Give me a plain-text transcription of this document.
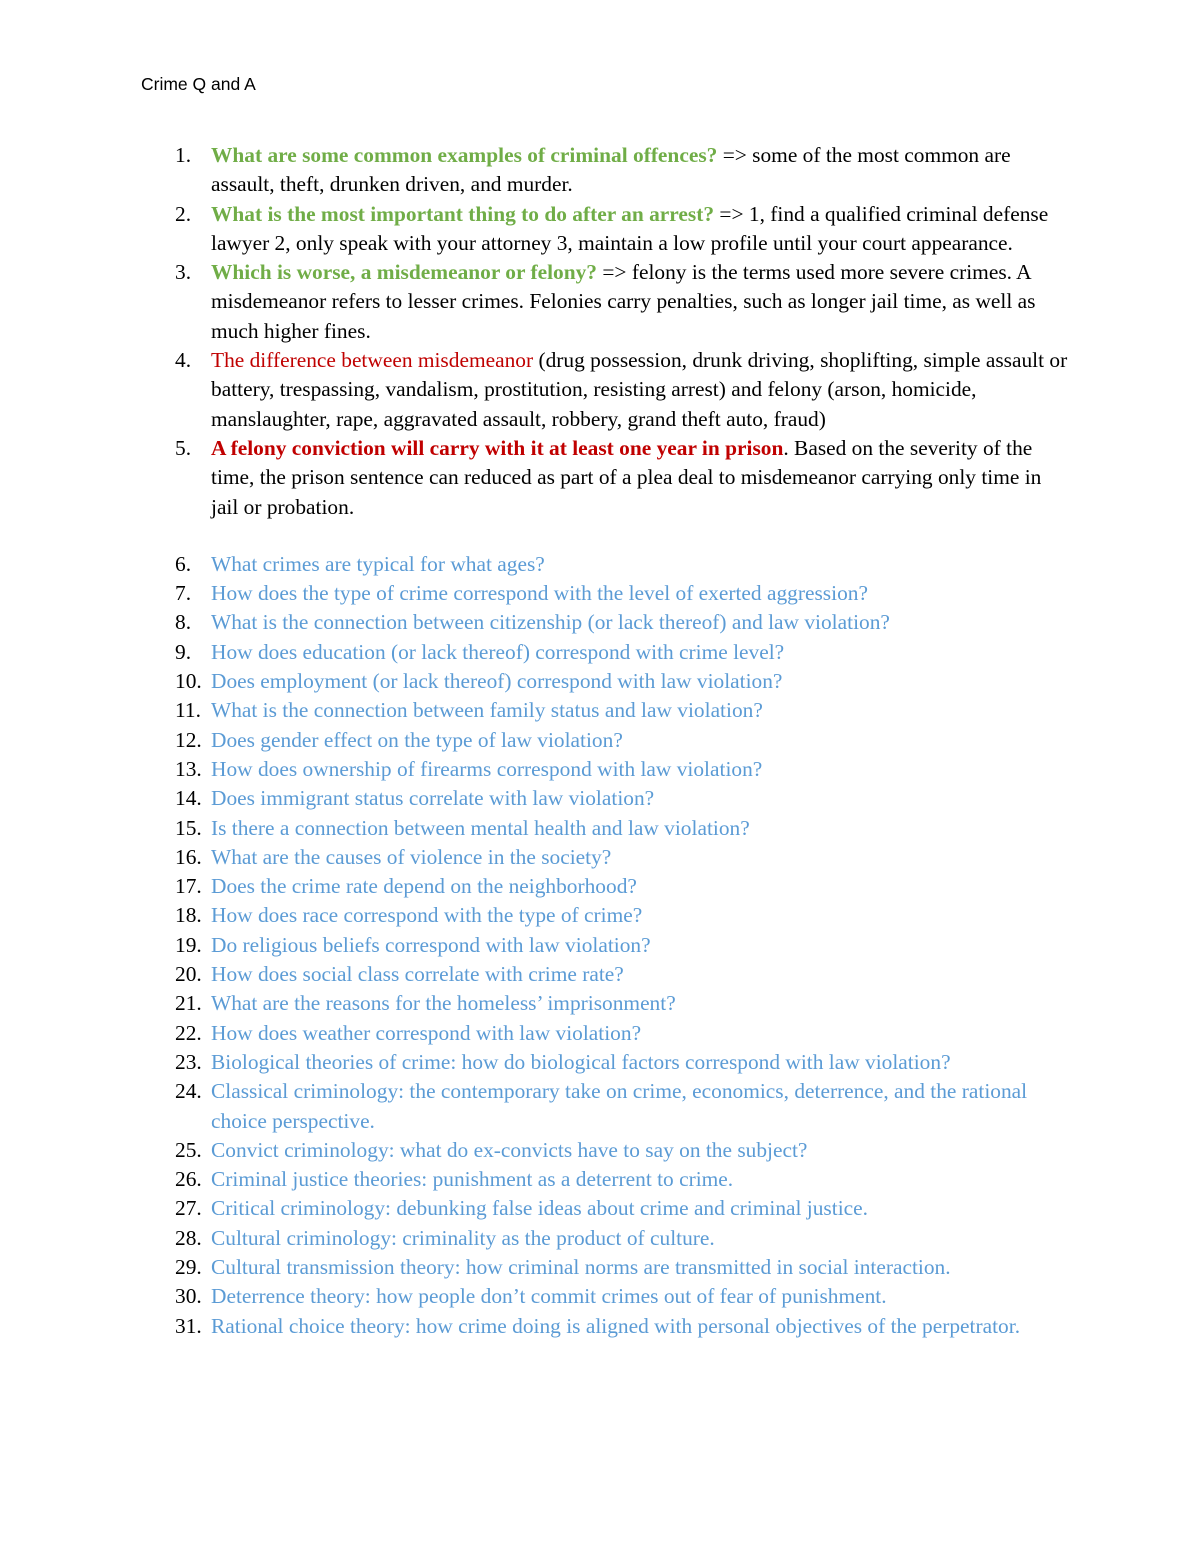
Crime Q and A

1. What are some common examples of criminal offences? => some of the most common are assault, theft, drunken driven, and murder.
2. What is the most important thing to do after an arrest? => 1, find a qualified criminal defense lawyer 2, only speak with your attorney 3, maintain a low profile until your court appearance.
3. Which is worse, a misdemeanor or felony? => felony is the terms used more severe crimes. A misdemeanor refers to lesser crimes. Felonies carry penalties, such as longer jail time, as well as much higher fines.
4. The difference between misdemeanor (drug possession, drunk driving, shoplifting, simple assault or battery, trespassing, vandalism, prostitution, resisting arrest) and felony (arson, homicide, manslaughter, rape, aggravated assault, robbery, grand theft auto, fraud)
5. A felony conviction will carry with it at least one year in prison. Based on the severity of the time, the prison sentence can reduced as part of a plea deal to misdemeanor carrying only time in jail or probation.
6. What crimes are typical for what ages?
7. How does the type of crime correspond with the level of exerted aggression?
8. What is the connection between citizenship (or lack thereof) and law violation?
9. How does education (or lack thereof) correspond with crime level?
10. Does employment (or lack thereof) correspond with law violation?
11. What is the connection between family status and law violation?
12. Does gender effect on the type of law violation?
13. How does ownership of firearms correspond with law violation?
14. Does immigrant status correlate with law violation?
15. Is there a connection between mental health and law violation?
16. What are the causes of violence in the society?
17. Does the crime rate depend on the neighborhood?
18. How does race correspond with the type of crime?
19. Do religious beliefs correspond with law violation?
20. How does social class correlate with crime rate?
21. What are the reasons for the homeless’ imprisonment?
22. How does weather correspond with law violation?
23. Biological theories of crime: how do biological factors correspond with law violation?
24. Classical criminology: the contemporary take on crime, economics, deterrence, and the rational choice perspective.
25. Convict criminology: what do ex-convicts have to say on the subject?
26. Criminal justice theories: punishment as a deterrent to crime.
27. Critical criminology: debunking false ideas about crime and criminal justice.
28. Cultural criminology: criminality as the product of culture.
29. Cultural transmission theory: how criminal norms are transmitted in social interaction.
30. Deterrence theory: how people don’t commit crimes out of fear of punishment.
31. Rational choice theory: how crime doing is aligned with personal objectives of the perpetrator.
